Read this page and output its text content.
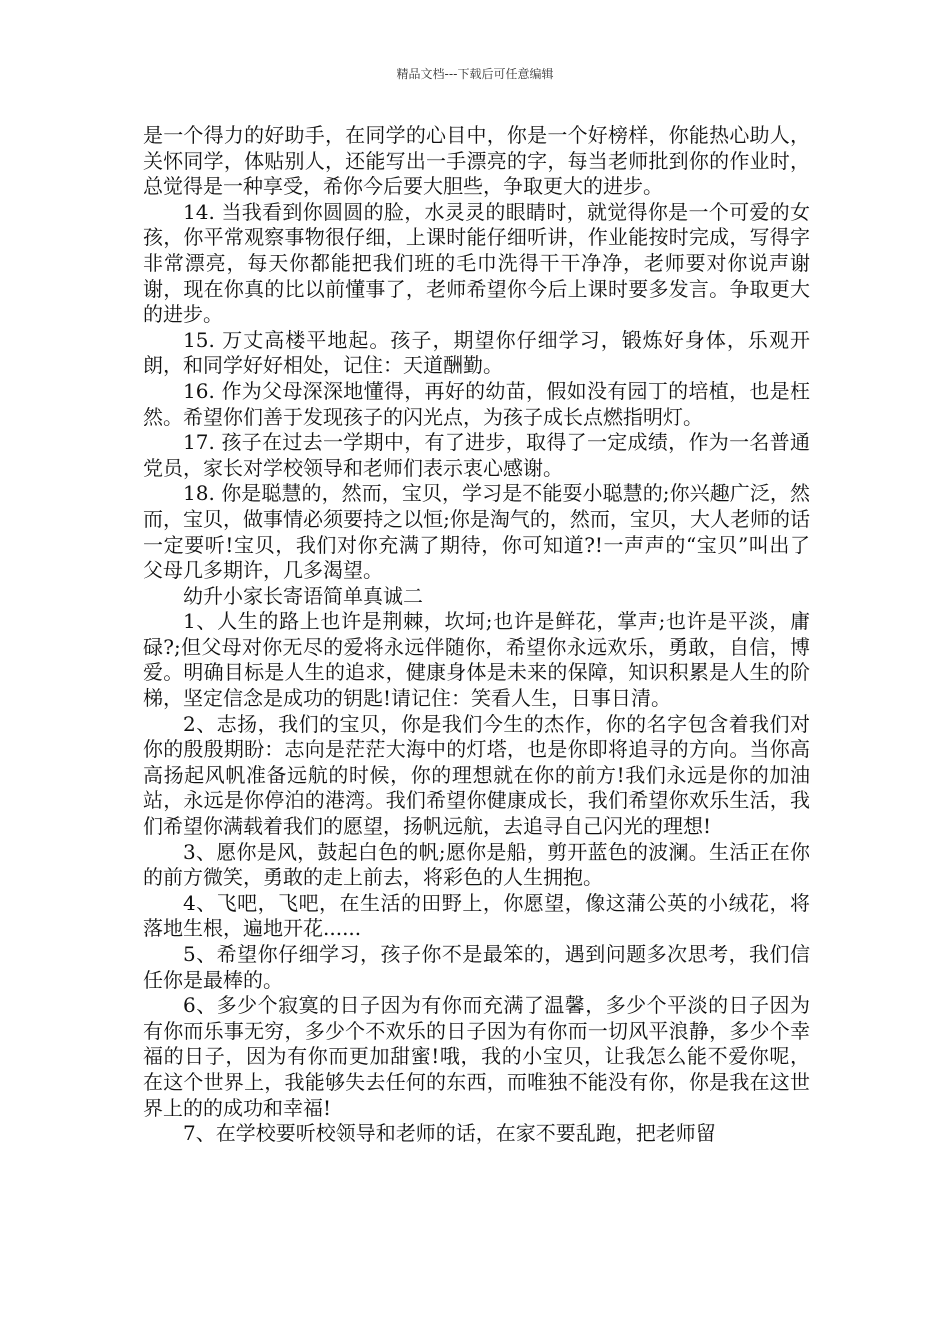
精品文档---下载后可任意编辑

是一个得力的好助手，在同学的心目中，你是一个好榜样，你能热心助人，关怀同学，体贴别人，还能写出一手漂亮的字，每当老师批到你的作业时，总觉得是一种享受，希你今后要大胆些，争取更大的进步。

14. 当我看到你圆圆的脸，水灵灵的眼睛时，就觉得你是一个可爱的女孩，你平常观察事物很仔细，上课时能仔细听讲，作业能按时完成，写得字非常漂亮，每天你都能把我们班的毛巾洗得干干净净，老师要对你说声谢谢，现在你真的比以前懂事了，老师希望你今后上课时要多发言。争取更大的进步。

15. 万丈高楼平地起。孩子，期望你仔细学习，锻炼好身体，乐观开朗，和同学好好相处，记住：天道酬勤。

16. 作为父母深深地懂得，再好的幼苗，假如没有园丁的培植，也是枉然。希望你们善于发现孩子的闪光点，为孩子成长点燃指明灯。

17. 孩子在过去一学期中，有了进步，取得了一定成绩，作为一名普通党员，家长对学校领导和老师们表示衷心感谢。

18. 你是聪慧的，然而，宝贝，学习是不能耍小聪慧的;你兴趣广泛，然而，宝贝，做事情必须要持之以恒;你是淘气的，然而，宝贝，大人老师的话一定要听!宝贝，我们对你充满了期待，你可知道?!一声声的“宝贝”叫出了父母几多期许，几多渴望。

幼升小家长寄语简单真诚二

1、人生的路上也许是荆棘，坎坷;也许是鲜花，掌声;也许是平淡，庸碌?;但父母对你无尽的爱将永远伴随你，希望你永远欢乐，勇敢，自信，博爱。明确目标是人生的追求，健康身体是未来的保障，知识积累是人生的阶梯，坚定信念是成功的钥匙!请记住：笑看人生，日事日清。

2、志扬，我们的宝贝，你是我们今生的杰作，你的名字包含着我们对你的殷殷期盼：志向是茫茫大海中的灯塔，也是你即将追寻的方向。当你高高扬起风帆准备远航的时候，你的理想就在你的前方!我们永远是你的加油站，永远是你停泊的港湾。我们希望你健康成长，我们希望你欢乐生活，我们希望你满载着我们的愿望，扬帆远航，去追寻自己闪光的理想!

3、愿你是风，鼓起白色的帆;愿你是船，剪开蓝色的波澜。生活正在你的前方微笑，勇敢的走上前去，将彩色的人生拥抱。

4、飞吧，飞吧，在生活的田野上，你愿望，像这蒲公英的小绒花，将落地生根，遍地开花......

5、希望你仔细学习，孩子你不是最笨的，遇到问题多次思考，我们信任你是最棒的。

6、多少个寂寞的日子因为有你而充满了温馨，多少个平淡的日子因为有你而乐事无穷，多少个不欢乐的日子因为有你而一切风平浪静，多少个幸福的日子，因为有你而更加甜蜜!哦，我的小宝贝，让我怎么能不爱你呢，在这个世界上，我能够失去任何的东西，而唯独不能没有你，你是我在这世界上的的成功和幸福!

7、在学校要听校领导和老师的话，在家不要乱跑，把老师留
